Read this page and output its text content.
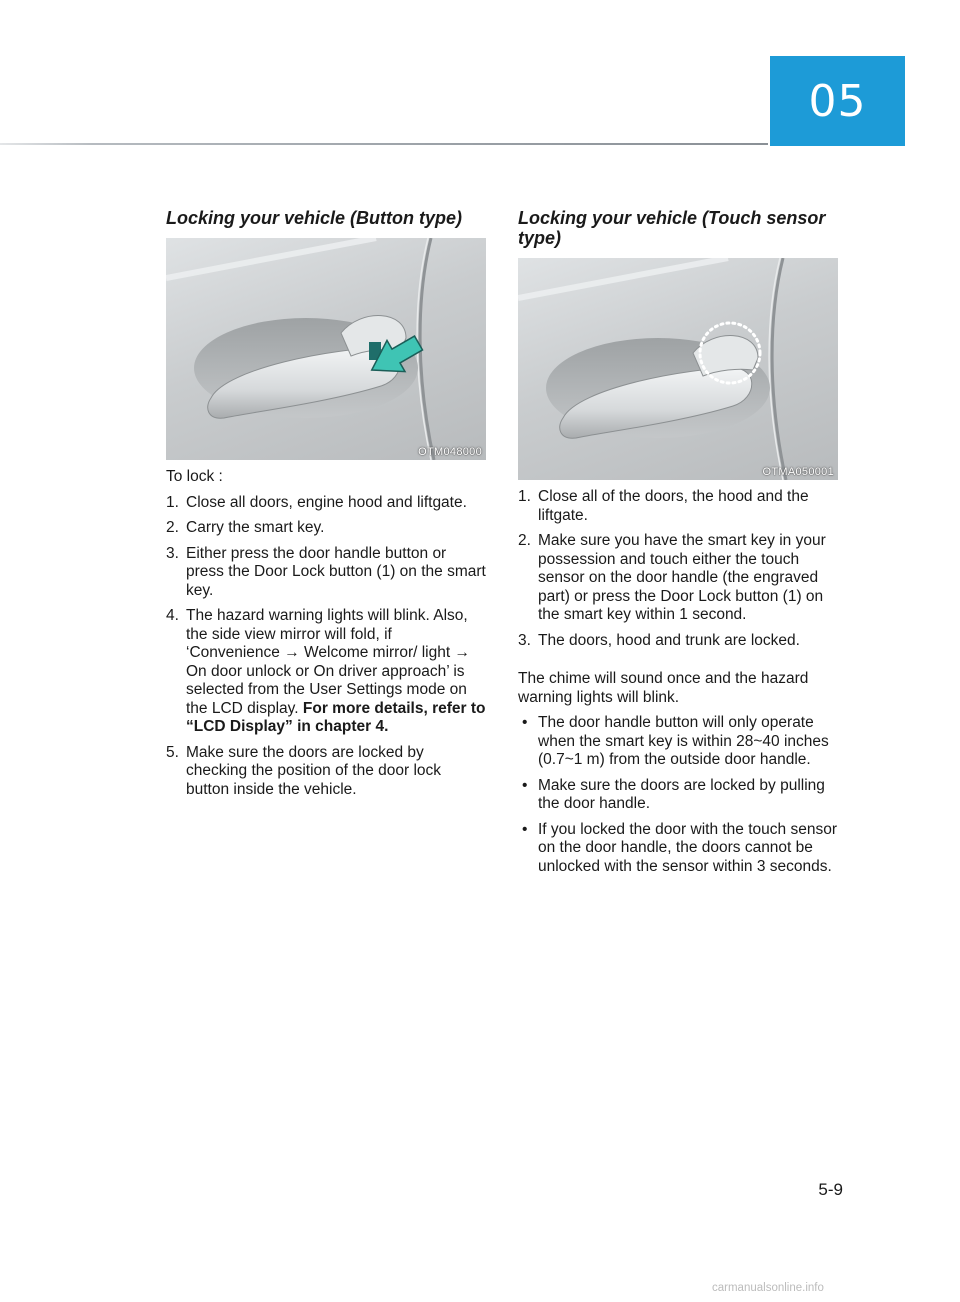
05
Locking your vehicle (Button type)
OTM048000

To lock :

1. Close all doors, engine hood and liftgate.
2. Carry the smart key.
3. Either press the door handle button or press the Door Lock button (1) on the smart key.
4. The hazard warning lights will blink. Also, the side view mirror will fold, if ‘Convenience → Welcome mirror/ light → On door unlock or On driver approach’ is selected from the User Settings mode on the LCD display. For more details, refer to “LCD Display” in chapter 4.
5. Make sure the doors are locked by checking the position of the door lock button inside the vehicle.
Locking your vehicle (Touch sensor type)
OTMA050001
1. Close all of the doors, the hood and the liftgate.
2. Make sure you have the smart key in your possession and touch either the touch sensor on the door handle (the engraved part) or press the Door Lock button (1) on the smart key within 1 second.
3. The doors, hood and trunk are locked.

The chime will sound once and the hazard warning lights will blink.

• The door handle button will only operate when the smart key is within 28~40 inches (0.7~1 m) from the outside door handle.
• Make sure the doors are locked by pulling the door handle.
• If you locked the door with the touch sensor on the door handle, the doors cannot be unlocked with the sensor within 3 seconds.
5-9
carmanualsonline.info
